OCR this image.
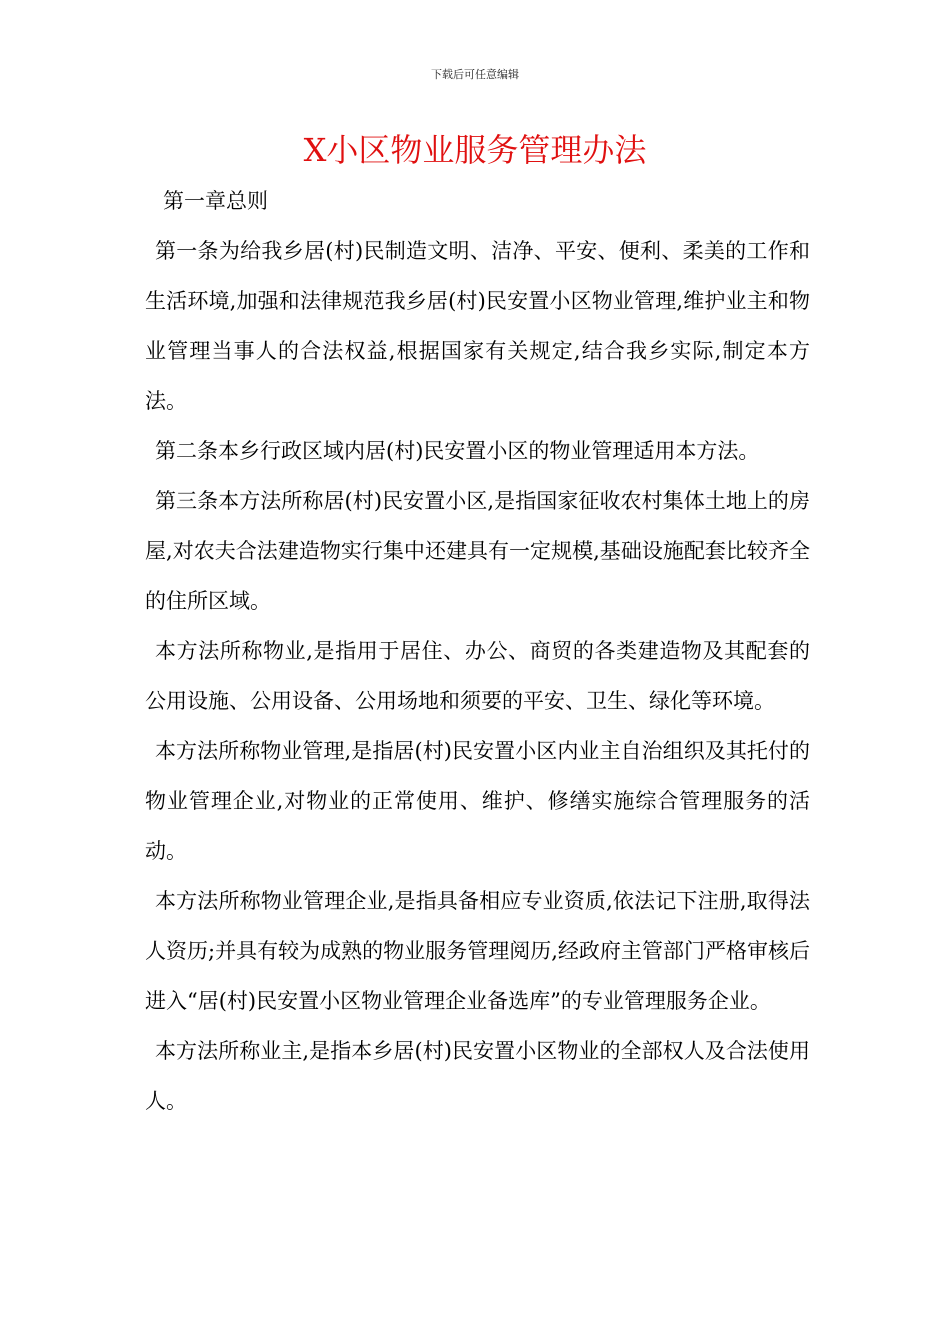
下载后可任意编辑
X小区物业服务管理办法

第一章总则

第一条为给我乡居(村)民制造文明、洁净、平安、便利、柔美的工作和生活环境,加强和法律规范我乡居(村)民安置小区物业管理,维护业主和物业管理当事人的合法权益,根据国家有关规定,结合我乡实际,制定本方法。

第二条本乡行政区域内居(村)民安置小区的物业管理适用本方法。

第三条本方法所称居(村)民安置小区,是指国家征收农村集体土地上的房屋,对农夫合法建造物实行集中还建具有一定规模,基础设施配套比较齐全的住所区域。

本方法所称物业,是指用于居住、办公、商贸的各类建造物及其配套的公用设施、公用设备、公用场地和须要的平安、卫生、绿化等环境。

本方法所称物业管理,是指居(村)民安置小区内业主自治组织及其托付的物业管理企业,对物业的正常使用、维护、修缮实施综合管理服务的活动。

本方法所称物业管理企业,是指具备相应专业资质,依法记下注册,取得法人资历;并具有较为成熟的物业服务管理阅历,经政府主管部门严格审核后进入“居(村)民安置小区物业管理企业备选库”的专业管理服务企业。

本方法所称业主,是指本乡居(村)民安置小区物业的全部权人及合法使用人。
